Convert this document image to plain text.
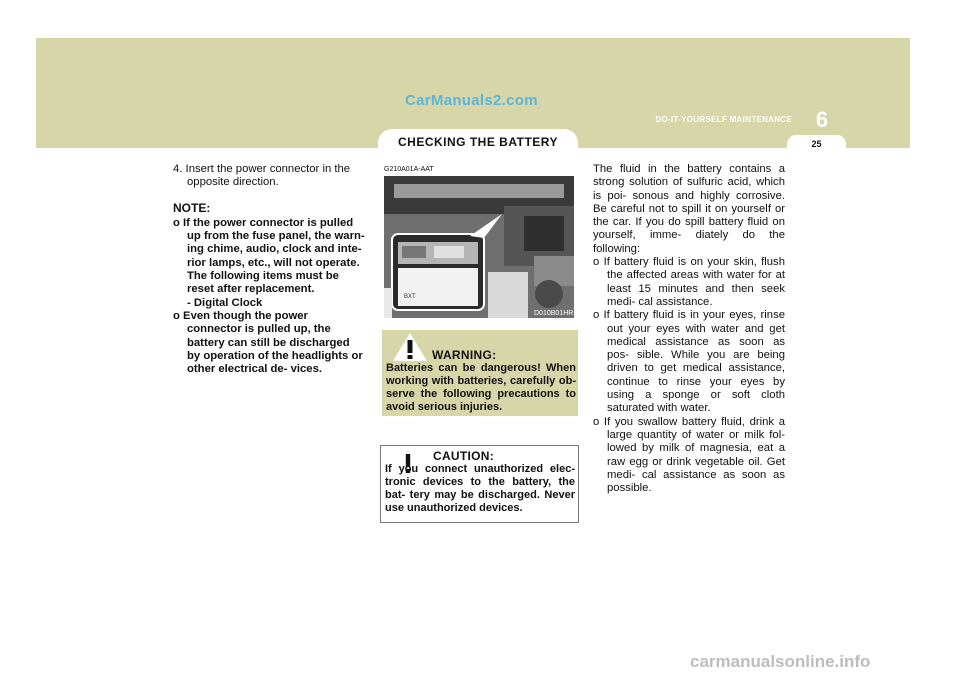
CarManuals2.com
6
DO-IT-YOURSELF MAINTENANCE
25
CHECKING THE BATTERY

4. Insert the power connector in the opposite direction.

NOTE:

o If the power connector is pulled up from the fuse panel, the warn- ing chime, audio, clock and inte- rior lamps, etc., will not operate. The following items must be reset after replacement.

- Digital Clock

o Even though the power connector is pulled up, the battery can still be discharged by operation of the headlights or other electrical de- vices.

G210A01A-AAT
BXT
D010B01HR
WARNING:
Batteries can be dangerous! When working with batteries, carefully ob- serve the following precautions to avoid serious injuries.
CAUTION:
If you connect unauthorized elec- tronic devices to the battery, the bat- tery may be discharged. Never use unauthorized devices.

The fluid in the battery contains a strong solution of sulfuric acid, which is poi- sonous and highly corrosive. Be careful not to spill it on yourself or the car. If you do spill battery fluid on yourself, imme- diately do the following:

o If battery fluid is on your skin, flush the affected areas with water for at least 15 minutes and then seek medi- cal assistance.

o If battery fluid is in your eyes, rinse out your eyes with water and get medical assistance as soon as pos- sible. While you are being driven to get medical assistance, continue to rinse your eyes by using a sponge or soft cloth saturated with water.

o If you swallow battery fluid, drink a large quantity of water or milk fol- lowed by milk of magnesia, eat a raw egg or drink vegetable oil. Get medi- cal assistance as soon as possible.

carmanualsonline.info
